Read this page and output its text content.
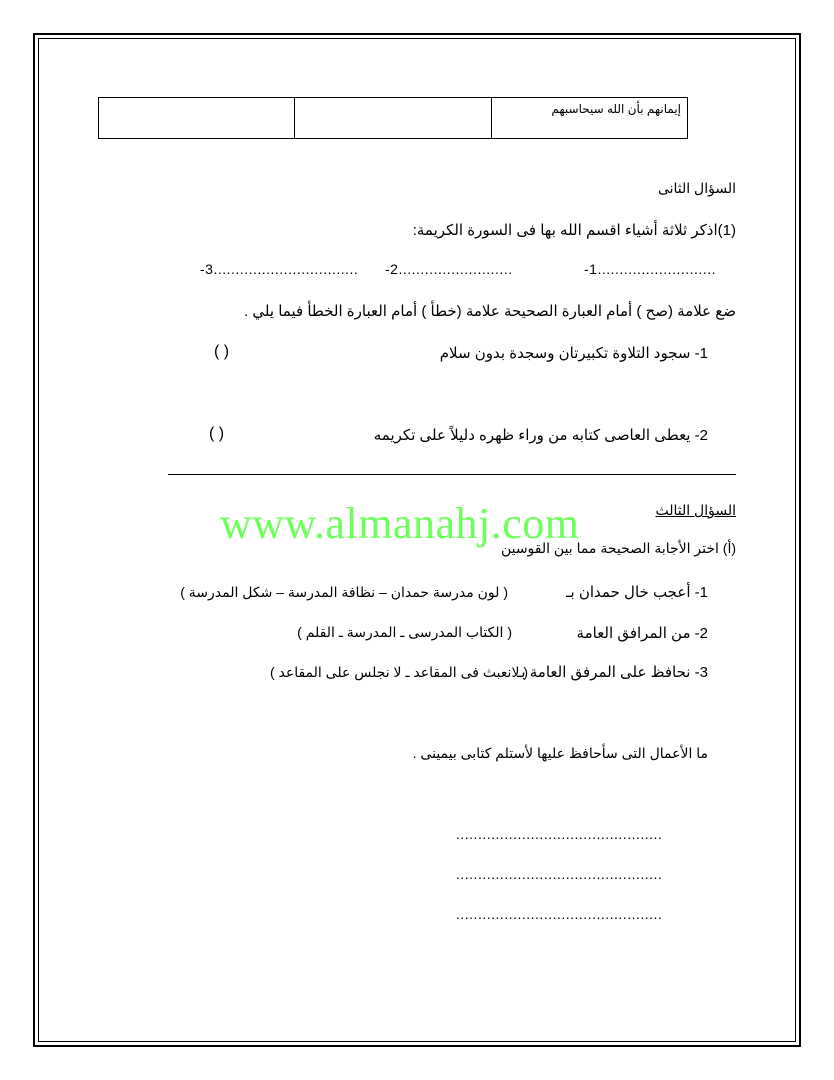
		إيمانهم بأن الله سيحاسبهم
السؤال الثانى
(1)اذكر ثلاثة أشياء اقسم الله بها فى السورة الكريمة:
-1...........................
-2..........................
-3.................................
ضع علامة (صح ) أمام العبارة الصحيحة علامة (خطأ ) أمام العبارة الخطأ فيما يلي .
1- سجود التلاوة تكبيرتان وسجدة بدون سلام
( )
2- يعطى العاصى كتابه من وراء ظهره دليلاً على تكريمه
( )
السؤال الثالث
www.almanahj.com
(أ) اختر الأجابة الصحيحة مما بين القوسين
1- أعجب خال حمدان بـ
( لون مدرسة حمدان – نظافة المدرسة – شكل المدرسة )
2- من المرافق العامة
( الكتاب المدرسى ـ المدرسة ـ القلم )
3- نحافظ على المرفق العامة بـ
( لانعبث فى المقاعد ـ لا نجلس على المقاعد )
ما الأعمال التى سأحافظ عليها لأستلم كتابى بيمينى .
...............................................
...............................................
...............................................
